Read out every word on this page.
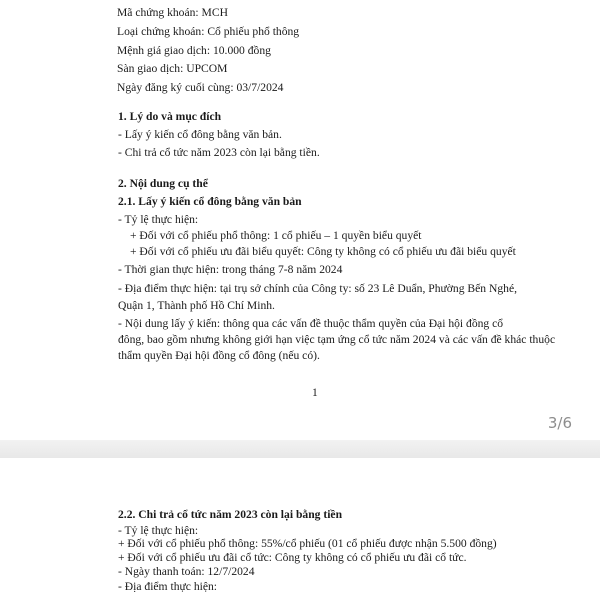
Mã chứng khoán: MCH
Loại chứng khoán: Cổ phiếu phổ thông
Mệnh giá giao dịch: 10.000 đồng
Sàn giao dịch: UPCOM
Ngày đăng ký cuối cùng: 03/7/2024
1. Lý do và mục đích
- Lấy ý kiến cổ đông bằng văn bản.
- Chi trả cổ tức năm 2023 còn lại bằng tiền.
2. Nội dung cụ thể
2.1. Lấy ý kiến cổ đông bằng văn bản
- Tỷ lệ thực hiện:
+ Đối với cổ phiếu phổ thông: 1 cổ phiếu – 1 quyền biểu quyết
+ Đối với cổ phiếu ưu đãi biểu quyết: Công ty không có cổ phiếu ưu đãi biểu quyết
- Thời gian thực hiện: trong tháng 7-8 năm 2024
- Địa điểm thực hiện: tại trụ sở chính của Công ty: số 23 Lê Duẩn, Phường Bến Nghé,
Quận 1, Thành phố Hồ Chí Minh.
- Nội dung lấy ý kiến: thông qua các vấn đề thuộc thẩm quyền của Đại hội đồng cổ
đông, bao gồm nhưng không giới hạn việc tạm ứng cổ tức năm 2024 và các vấn đề khác thuộc
thẩm quyền Đại hội đồng cổ đông (nếu có).
1
3/6
2.2. Chi trả cổ tức năm 2023 còn lại bằng tiền
- Tỷ lệ thực hiện:
+ Đối với cổ phiếu phổ thông: 55%/cổ phiếu (01 cổ phiếu được nhận 5.500 đồng)
+ Đối với cổ phiếu ưu đãi cổ tức: Công ty không có cổ phiếu ưu đãi cổ tức.
- Ngày thanh toán: 12/7/2024
- Địa điểm thực hiện:
